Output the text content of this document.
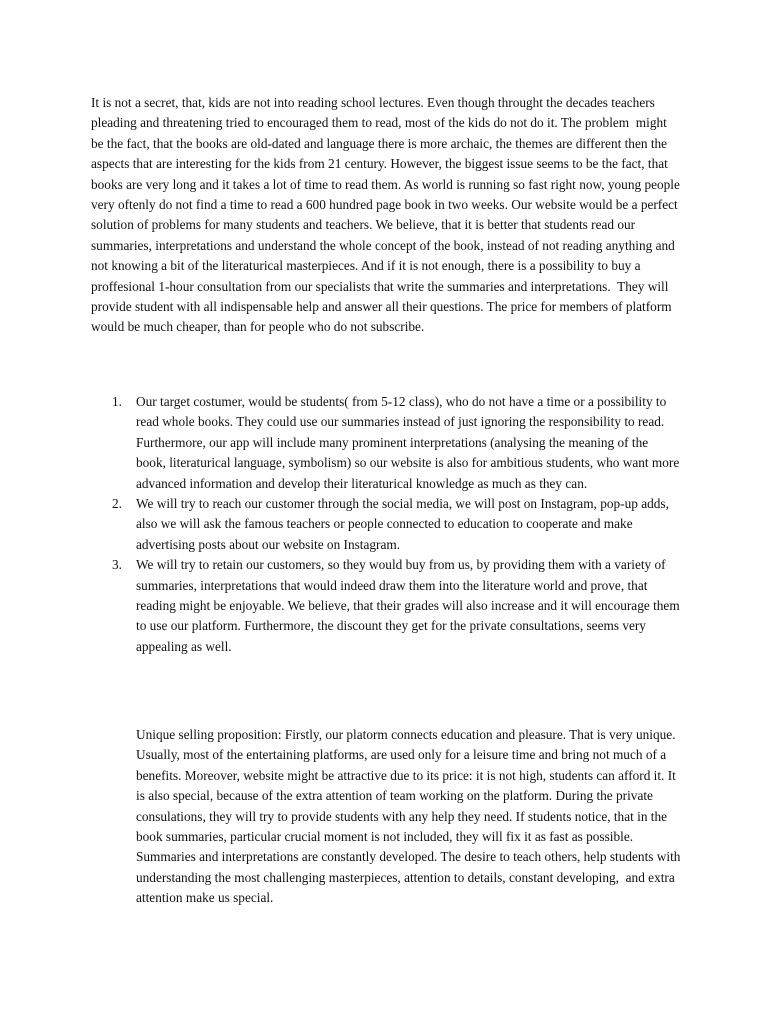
It is not a secret, that, kids are not into reading school lectures. Even though throught the decades teachers  pleading and threatening tried to encouraged them to read, most of the kids do not do it. The problem  might be the fact, that the books are old-dated and language there is more archaic, the themes are different then the aspects that are interesting for the kids from 21 century. However, the biggest issue seems to be the fact, that books are very long and it takes a lot of time to read them. As world is running so fast right now, young people very oftenly do not find a time to read a 600 hundred page book in two weeks. Our website would be a perfect solution of problems for many students and teachers. We believe, that it is better that students read our summaries, interpretations and understand the whole concept of the book, instead of not reading anything and not knowing a bit of the literaturical masterpieces. And if it is not enough, there is a possibility to buy a proffesional 1-hour consultation from our specialists that write the summaries and interpretations.  They will provide student with all indispensable help and answer all their questions. The price for members of platform would be much cheaper, than for people who do not subscribe.

1. Our target costumer, would be students( from 5-12 class), who do not have a time or a possibility to read whole books. They could use our summaries instead of just ignoring the responsibility to read. Furthermore, our app will include many prominent interpretations (analysing the meaning of the book, literaturical language, symbolism) so our website is also for ambitious students, who want more advanced information and develop their literaturical knowledge as much as they can.
2. We will try to reach our customer through the social media, we will post on Instagram, pop-up adds, also we will ask the famous teachers or people connected to education to cooperate and make advertising posts about our website on Instagram.
3. We will try to retain our customers, so they would buy from us, by providing them with a variety of summaries, interpretations that would indeed draw them into the literature world and prove, that reading might be enjoyable. We believe, that their grades will also increase and it will encourage them to use our platform. Furthermore, the discount they get for the private consultations, seems very appealing as well.

Unique selling proposition: Firstly, our platorm connects education and pleasure. That is very unique. Usually, most of the entertaining platforms, are used only for a leisure time and bring not much of a benefits. Moreover, website might be attractive due to its price: it is not high, students can afford it. It is also special, because of the extra attention of team working on the platform. During the private consulations, they will try to provide students with any help they need. If students notice, that in the book summaries, particular crucial moment is not included, they will fix it as fast as possible. Summaries and interpretations are constantly developed. The desire to teach others, help students with understanding the most challenging masterpieces, attention to details, constant developing,  and extra attention make us special.
